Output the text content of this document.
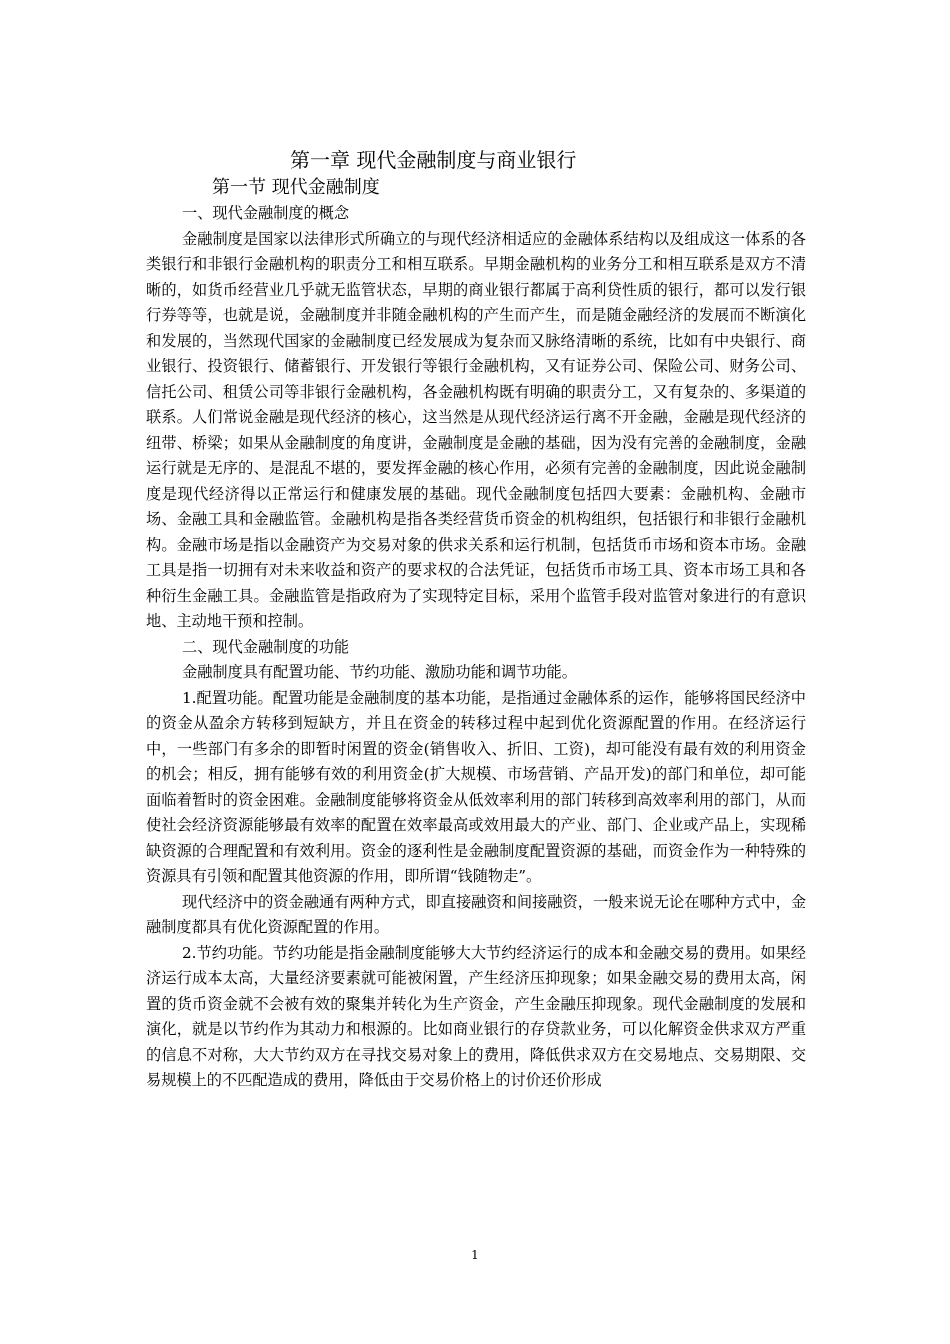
第一章 现代金融制度与商业银行
第一节 现代金融制度
一、现代金融制度的概念

金融制度是国家以法律形式所确立的与现代经济相适应的金融体系结构以及组成这一体系的各类银行和非银行金融机构的职责分工和相互联系。早期金融机构的业务分工和相互联系是双方不清晰的，如货币经营业几乎就无监管状态，早期的商业银行都属于高利贷性质的银行，都可以发行银行券等等，也就是说，金融制度并非随金融机构的产生而产生，而是随金融经济的发展而不断演化和发展的，当然现代国家的金融制度已经发展成为复杂而又脉络清晰的系统，比如有中央银行、商业银行、投资银行、储蓄银行、开发银行等银行金融机构，又有证券公司、保险公司、财务公司、信托公司、租赁公司等非银行金融机构，各金融机构既有明确的职责分工，又有复杂的、多渠道的联系。人们常说金融是现代经济的核心，这当然是从现代经济运行离不开金融，金融是现代经济的纽带、桥梁；如果从金融制度的角度讲，金融制度是金融的基础，因为没有完善的金融制度，金融运行就是无序的、是混乱不堪的，要发挥金融的核心作用，必须有完善的金融制度，因此说金融制度是现代经济得以正常运行和健康发展的基础。现代金融制度包括四大要素：金融机构、金融市场、金融工具和金融监管。金融机构是指各类经营货币资金的机构组织，包括银行和非银行金融机构。金融市场是指以金融资产为交易对象的供求关系和运行机制，包括货币市场和资本市场。金融工具是指一切拥有对未来收益和资产的要求权的合法凭证，包括货币市场工具、资本市场工具和各种衍生金融工具。金融监管是指政府为了实现特定目标，采用个监管手段对监管对象进行的有意识地、主动地干预和控制。

二、现代金融制度的功能

金融制度具有配置功能、节约功能、激励功能和调节功能。

1.配置功能。配置功能是金融制度的基本功能，是指通过金融体系的运作，能够将国民经济中的资金从盈余方转移到短缺方，并且在资金的转移过程中起到优化资源配置的作用。在经济运行中，一些部门有多余的即暂时闲置的资金(销售收入、折旧、工资)，却可能没有最有效的利用资金的机会；相反，拥有能够有效的利用资金(扩大规模、市场营销、产品开发)的部门和单位，却可能面临着暂时的资金困难。金融制度能够将资金从低效率利用的部门转移到高效率利用的部门，从而使社会经济资源能够最有效率的配置在效率最高或效用最大的产业、部门、企业或产品上，实现稀缺资源的合理配置和有效利用。资金的逐利性是金融制度配置资源的基础，而资金作为一种特殊的资源具有引领和配置其他资源的作用，即所谓“钱随物走”。

现代经济中的资金融通有两种方式，即直接融资和间接融资，一般来说无论在哪种方式中，金融制度都具有优化资源配置的作用。

2.节约功能。节约功能是指金融制度能够大大节约经济运行的成本和金融交易的费用。如果经济运行成本太高，大量经济要素就可能被闲置，产生经济压抑现象；如果金融交易的费用太高，闲置的货币资金就不会被有效的聚集并转化为生产资金，产生金融压抑现象。现代金融制度的发展和演化，就是以节约作为其动力和根源的。比如商业银行的存贷款业务，可以化解资金供求双方严重的信息不对称，大大节约双方在寻找交易对象上的费用，降低供求双方在交易地点、交易期限、交易规模上的不匹配造成的费用，降低由于交易价格上的讨价还价形成

1
